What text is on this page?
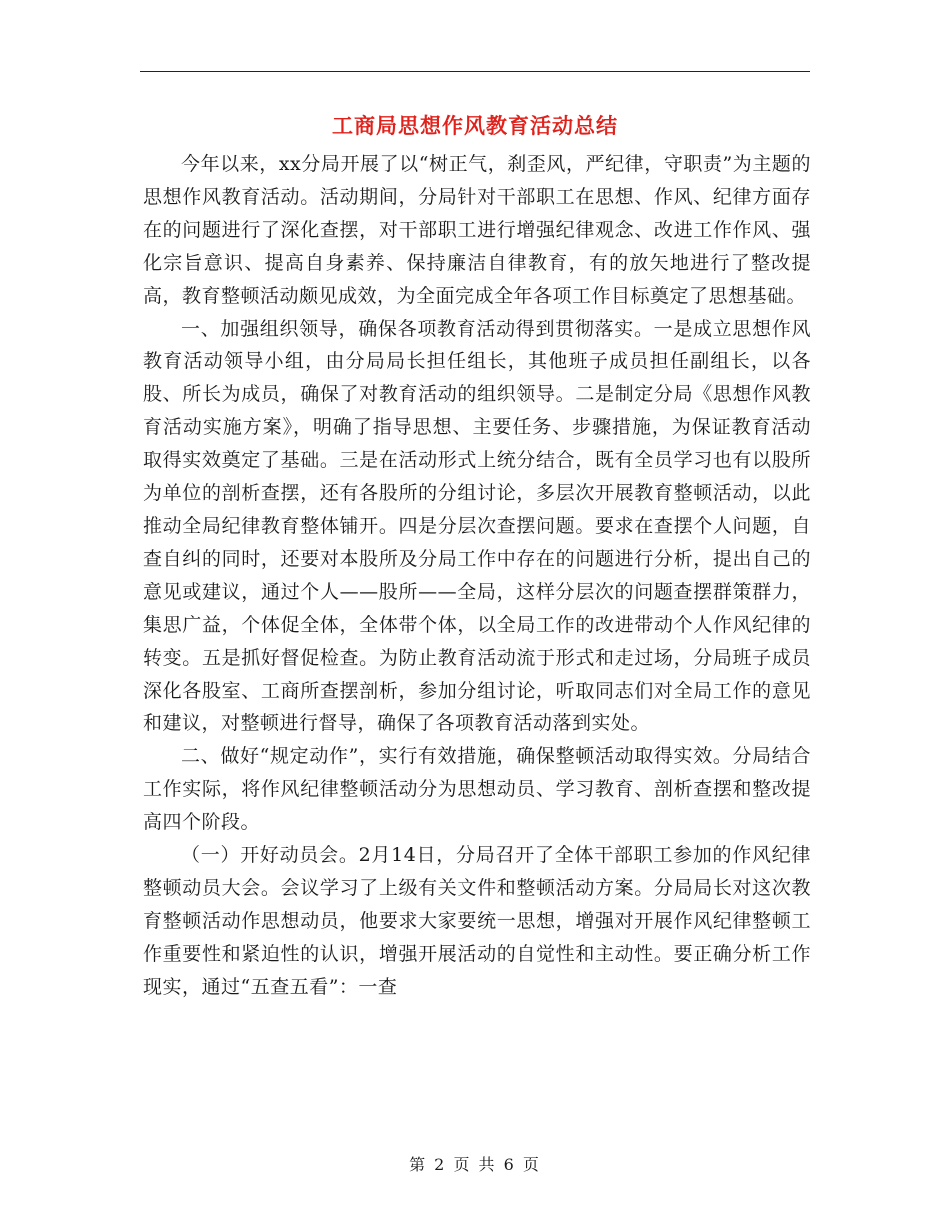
工商局思想作风教育活动总结

今年以来，xx分局开展了以“树正气，刹歪风，严纪律，守职责”为主题的思想作风教育活动。活动期间，分局针对干部职工在思想、作风、纪律方面存在的问题进行了深化查摆，对干部职工进行增强纪律观念、改进工作作风、强化宗旨意识、提高自身素养、保持廉洁自律教育，有的放矢地进行了整改提高，教育整顿活动颇见成效，为全面完成全年各项工作目标奠定了思想基础。

一、加强组织领导，确保各项教育活动得到贯彻落实。一是成立思想作风教育活动领导小组，由分局局长担任组长，其他班子成员担任副组长，以各股、所长为成员，确保了对教育活动的组织领导。二是制定分局《思想作风教育活动实施方案》，明确了指导思想、主要任务、步骤措施，为保证教育活动取得实效奠定了基础。三是在活动形式上统分结合，既有全员学习也有以股所为单位的剖析查摆，还有各股所的分组讨论，多层次开展教育整顿活动，以此推动全局纪律教育整体铺开。四是分层次查摆问题。要求在查摆个人问题，自查自纠的同时，还要对本股所及分局工作中存在的问题进行分析，提出自己的意见或建议，通过个人——股所——全局，这样分层次的问题查摆群策群力，集思广益，个体促全体，全体带个体，以全局工作的改进带动个人作风纪律的转变。五是抓好督促检查。为防止教育活动流于形式和走过场，分局班子成员深化各股室、工商所查摆剖析，参加分组讨论，听取同志们对全局工作的意见和建议，对整顿进行督导，确保了各项教育活动落到实处。

二、做好“规定动作”，实行有效措施，确保整顿活动取得实效。分局结合工作实际，将作风纪律整顿活动分为思想动员、学习教育、剖析查摆和整改提高四个阶段。

（一）开好动员会。2月14日，分局召开了全体干部职工参加的作风纪律整顿动员大会。会议学习了上级有关文件和整顿活动方案。分局局长对这次教育整顿活动作思想动员，他要求大家要统一思想，增强对开展作风纪律整顿工作重要性和紧迫性的认识，增强开展活动的自觉性和主动性。要正确分析工作现实，通过“五查五看”：一查

第 2 页 共 6 页
